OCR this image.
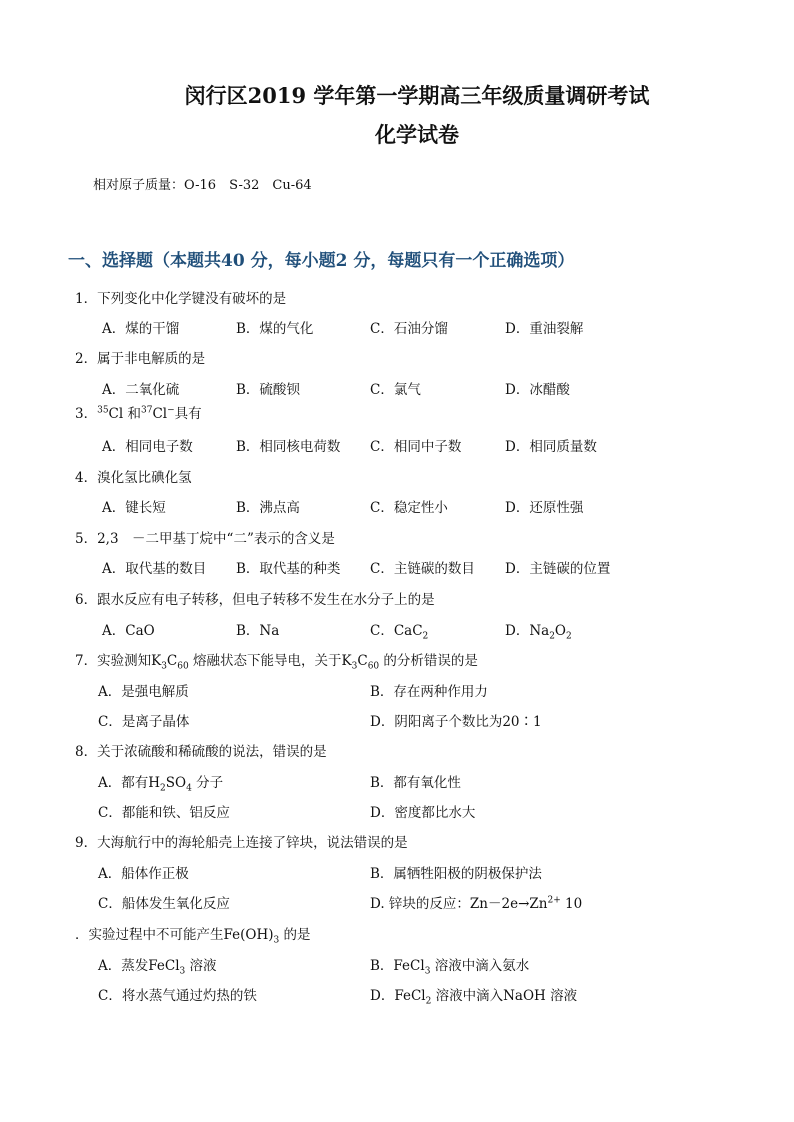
闵行区2019 学年第一学期高三年级质量调研考试
化学试卷
相对原子质量：O-16　S-32　Cu-64
一、选择题（本题共40 分，每小题2 分，每题只有一个正确选项）
1．下列变化中化学键没有破坏的是
A．煤的干馏	B．煤的气化	C．石油分馏	D．重油裂解
2．属于非电解质的是
A．二氧化硫	B．硫酸钡	C．氯气	D．冰醋酸
3．$^{35}$Cl 和$^{37}$Cl−具有
A．相同电子数	B．相同核电荷数 C．相同中子数	D．相同质量数
4．溴化氢比碘化氢
A．键长短	B．沸点高	C．稳定性小	D．还原性强
5．2,3　－二甲基丁烷中“二”表示的含义是
A．取代基的数目 B．取代基的种类 C．主链碳的数目 D．主链碳的位置
6．跟水反应有电子转移，但电子转移不发生在水分子上的是
A．CaO	B．Na	C．CaC$_2$	D．$Na_2O_2$
7．实验测知$K_3C_{60}$ 熔融状态下能导电，关于$K_3C_{60}$ 的分析错误的是
A．是强电解质	B．存在两种作用力
C．是离子晶体	D．阴阳离子个数比为20∶1
8．关于浓硫酸和稀硫酸的说法，错误的是
A．都有$H_2SO_4$ 分子	B．都有氧化性
C．都能和铁、铝反应	D．密度都比水大
9．大海航行中的海轮船壳上连接了锌块，说法错误的是
A．船体作正极	B．属牺牲阳极的阴极保护法
C．船体发生氧化反应	D. 锌块的反应：$Zn-2e\to Zn^{2+}$ 10
．实验过程中不可能产生$Fe(OH)_3$ 的是
A．蒸发FeCl$_3$ 溶液	B．FeCl$_3$ 溶液中滴入氨水
C．将水蒸气通过灼热的铁	D．FeCl$_2$ 溶液中滴入NaOH 溶液
